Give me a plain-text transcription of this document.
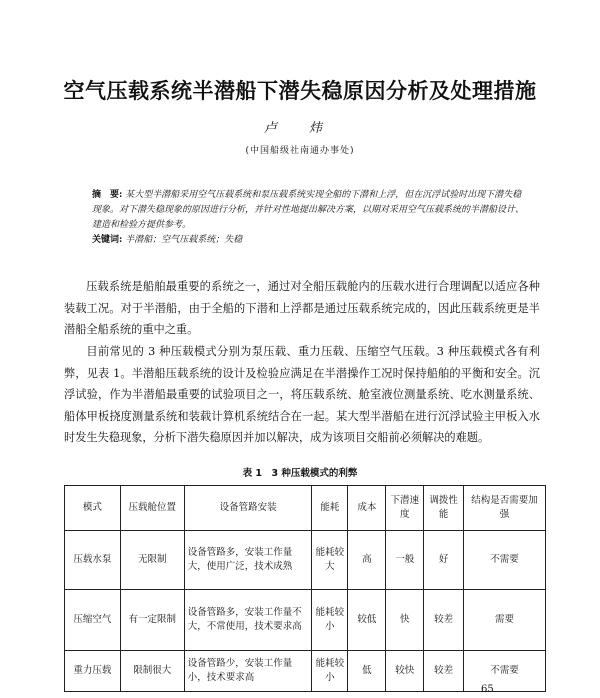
空气压载系统半潜船下潜失稳原因分析及处理措施
卢 炜
(中国船级社南通办事处)
摘　要: 某大型半潜船采用空气压载系统和泵压载系统实现全船的下潜和上浮，但在沉浮试验时出现下潜失稳现象。对下潜失稳现象的原因进行分析，并针对性地提出解决方案，以期对采用空气压载系统的半潜船设计、建造和检验方提供参考。
关键词: 半潜船；空气压载系统；失稳
压载系统是船舶最重要的系统之一，通过对全船压载舱内的压载水进行合理调配以适应各种装载工况。对于半潜船，由于全船的下潜和上浮都是通过压载系统完成的，因此压载系统更是半潜船全船系统的重中之重。
目前常见的 3 种压载模式分别为泵压载、重力压载、压缩空气压载。3 种压载模式各有利弊，见表 1。半潜船压载系统的设计及检验应满足在半潜操作工况时保持船舶的平衡和安全。沉浮试验，作为半潜船最重要的试验项目之一，将压载系统、舱室液位测量系统、吃水测量系统、船体甲板挠度测量系统和装载计算机系统结合在一起。某大型半潜船在进行沉浮试验主甲板入水时发生失稳现象，分析下潜失稳原因并加以解决，成为该项目交船前必须解决的难题。
表 1　3 种压载模式的利弊
模式	压载舱位置	设备管路安装	能耗	成本	下潜速度	调拨性能	结构是否需要加强
压载水泵	无限制	设备管路多，安装工作量大，使用广泛，技术成熟	能耗较大	高	一般	好	不需要
压缩空气	有一定限制	设备管路多，安装工作量不大，不常使用，技术要求高	能耗较小	较低	快	较差	需要
重力压载	限制很大	设备管路少，安装工作量小，技术要求高	能耗较小	低	较快	较差	不需要
65
